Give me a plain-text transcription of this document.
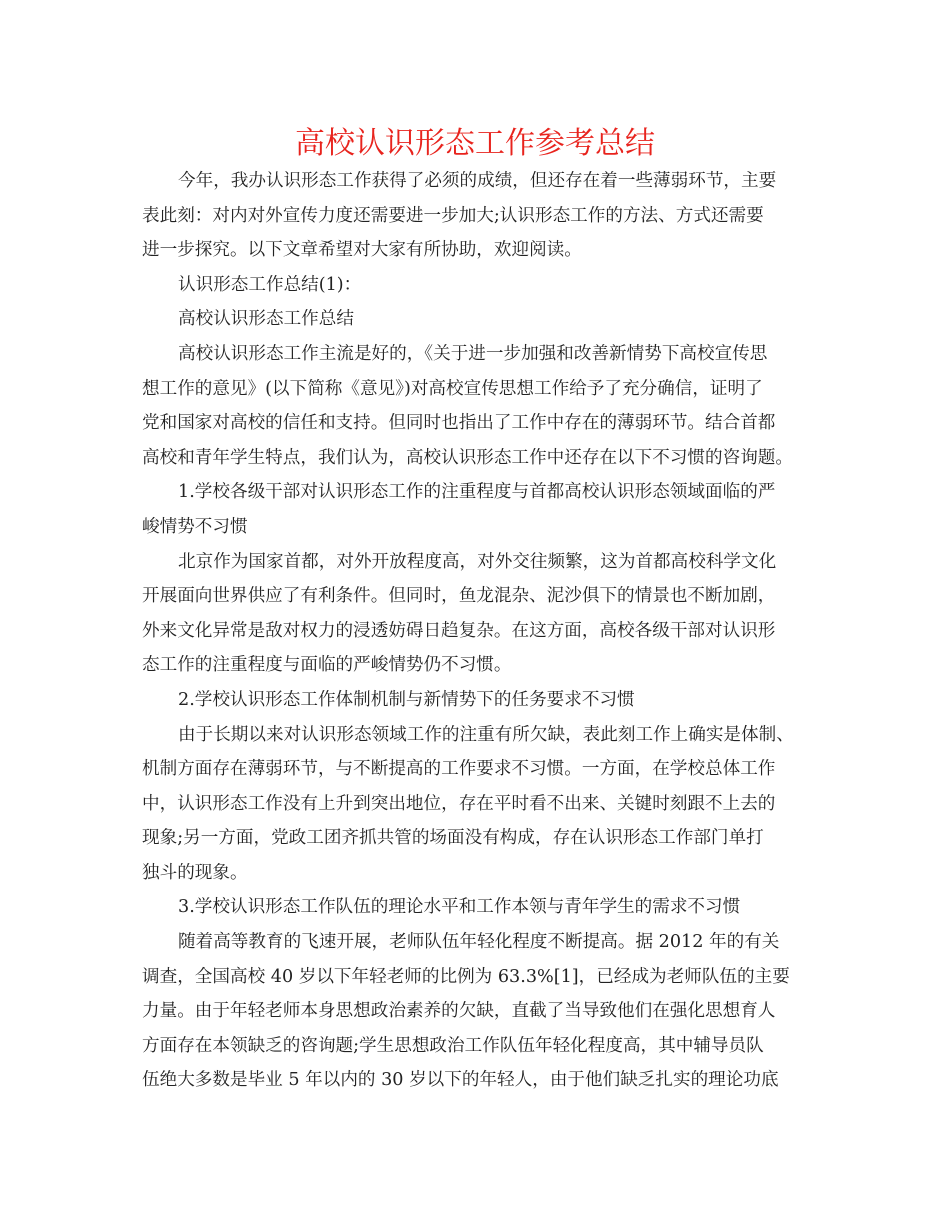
高校认识形态工作参考总结
今年，我办认识形态工作获得了必须的成绩，但还存在着一些薄弱环节，主要
表此刻：对内对外宣传力度还需要进一步加大;认识形态工作的方法、方式还需要
进一步探究。以下文章希望对大家有所协助，欢迎阅读。
认识形态工作总结(1)：
高校认识形态工作总结
高校认识形态工作主流是好的，《关于进一步加强和改善新情势下高校宣传思
想工作的意见》(以下简称《意见》)对高校宣传思想工作给予了充分确信，证明了
党和国家对高校的信任和支持。但同时也指出了工作中存在的薄弱环节。结合首都
高校和青年学生特点，我们认为，高校认识形态工作中还存在以下不习惯的咨询题。
1.学校各级干部对认识形态工作的注重程度与首都高校认识形态领域面临的严
峻情势不习惯
北京作为国家首都，对外开放程度高，对外交往频繁，这为首都高校科学文化
开展面向世界供应了有利条件。但同时，鱼龙混杂、泥沙俱下的情景也不断加剧，
外来文化异常是敌对权力的浸透妨碍日趋复杂。在这方面，高校各级干部对认识形
态工作的注重程度与面临的严峻情势仍不习惯。
2.学校认识形态工作体制机制与新情势下的任务要求不习惯
由于长期以来对认识形态领域工作的注重有所欠缺，表此刻工作上确实是体制、
机制方面存在薄弱环节，与不断提高的工作要求不习惯。一方面，在学校总体工作
中，认识形态工作没有上升到突出地位，存在平时看不出来、关键时刻跟不上去的
现象;另一方面，党政工团齐抓共管的场面没有构成，存在认识形态工作部门单打
独斗的现象。
3.学校认识形态工作队伍的理论水平和工作本领与青年学生的需求不习惯
随着高等教育的飞速开展，老师队伍年轻化程度不断提高。据 2012 年的有关
调查，全国高校 40 岁以下年轻老师的比例为 63.3%[1]，已经成为老师队伍的主要
力量。由于年轻老师本身思想政治素养的欠缺，直截了当导致他们在强化思想育人
方面存在本领缺乏的咨询题;学生思想政治工作队伍年轻化程度高，其中辅导员队
伍绝大多数是毕业 5 年以内的 30 岁以下的年轻人，由于他们缺乏扎实的理论功底
